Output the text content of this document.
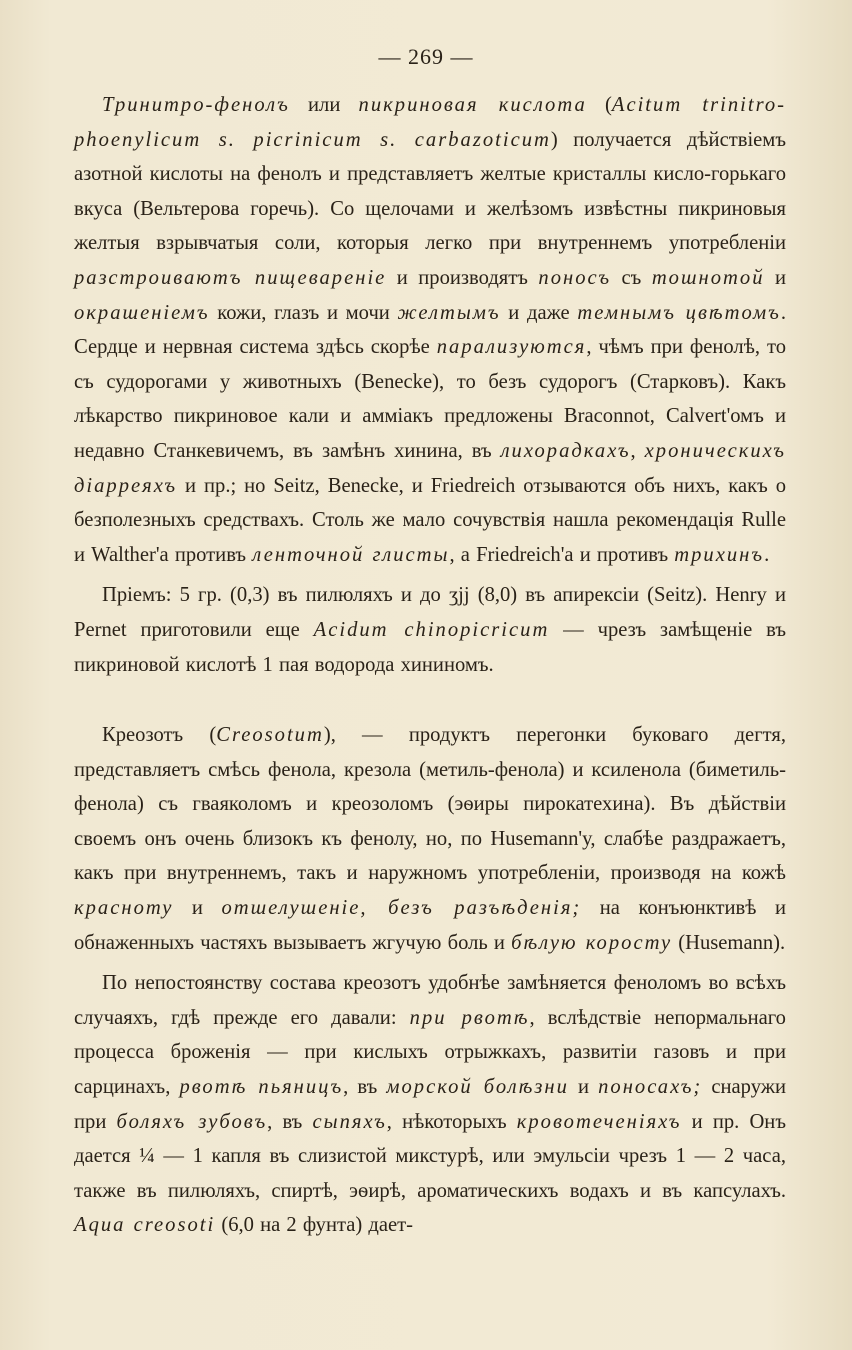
— 269 —

Тринитро-фенолъ или пикриновая кислота (Acitum trinitro-phoenylicum s. picrinicum s. carbazoticum) получается дѣйствіемъ азотной кислоты на фенолъ и представляетъ желтые кристаллы кисло-горькаго вкуса (Вельтерова горечь). Со щелочами и желѣзомъ извѣстны пикриновыя желтыя взрывчатыя соли, которыя легко при внутреннемъ употребленіи разстроиваютъ пищеваренiе и производятъ поносъ съ тошнотой и окрашенiемъ кожи, глазъ и мочи желтымъ и даже темнымъ цвѣтомъ. Сердце и нервная система здѣсь скорѣе парализуются, чѣмъ при фенолѣ, то съ судорогами у животныхъ (Benecke), то безъ судорогъ (Старковъ). Какъ лѣкарство пикриновое кали и амміакъ предложены Braconnot, Calvert'омъ и недавно Станкевичемъ, въ замѣнъ хинина, въ лихорадкахъ, хроническихъ діарреяхъ и пр.; но Seitz, Benecke, и Friedreich отзываются объ нихъ, какъ о безполезныхъ средствахъ. Столь же мало сочувствія нашла рекомендація Rulle и Walther'а противъ ленточной глисты, а Friedreich'а и противъ трихинъ.

Пріемъ: 5 гр. (0,3) въ пилюляхъ и до ʒjj (8,0) въ апирексіи (Seitz). Henry и Pernet приготовили еще Acidum chinopicricum — чрезъ замѣщеніе въ пикриновой кислотѣ 1 пая водорода хининомъ.

Креозотъ (Creosotum), — продуктъ перегонки буковаго дегтя, представляетъ смѣсь фенола, крезола (метиль-фенола) и ксиленола (биметиль-фенола) съ гваяколомъ и креозоломъ (эѳиры пирокатехина). Въ дѣйствіи своемъ онъ очень близокъ къ фенолу, но, по Husemann'у, слабѣе раздражаетъ, какъ при внутреннемъ, такъ и наружномъ употребленіи, производя на кожѣ краснoту и отшелушенiе, безъ разъѣденiя; на конъюнктивѣ и обнаженныхъ частяхъ вызываетъ жгучую боль и бѣлую коросту (Husemann).

По непостоянству состава креозотъ удобнѣе замѣняется феноломъ во всѣхъ случаяхъ, гдѣ прежде его давали: при рвотѣ, вслѣдствіе непормальнаго процесса броженія — при кислыхъ отрыжкахъ, развитіи газовъ и при сарцинахъ, рвотѣ пьяницъ, въ морской болѣзни и поносахъ; снаружи при боляхъ зубовъ, въ сыпяхъ, нѣкоторыхъ кровотеченiяхъ и пр. Онъ дается ¼ — 1 капля въ слизистой микстурѣ, или эмульсіи чрезъ 1 — 2 часа, также въ пилюляхъ, спиртѣ, эѳирѣ, ароматическихъ водахъ и въ капсулахъ. Aqua creosoti (6,0 на 2 фунта) дает-
